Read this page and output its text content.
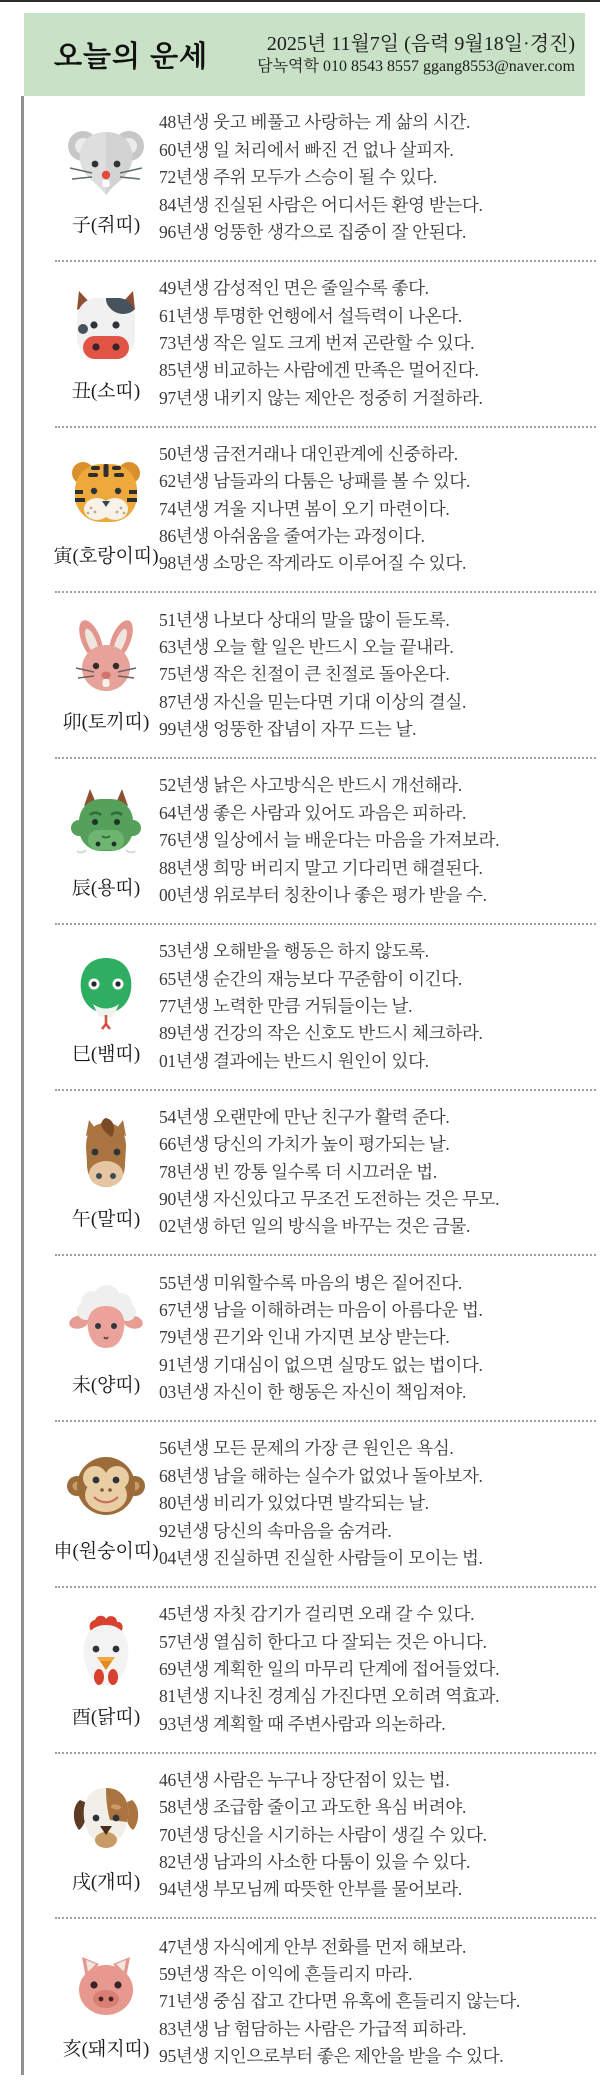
오늘의 운세	2025년 11월7일 (음력 9월18일·경진)
담녹역학 010 8543 8557 ggang8553@naver.com
子(쥐띠)

48년생 웃고 베풀고 사랑하는 게 삶의 시간.

60년생 일 처리에서 빠진 건 없나 살피자.

72년생 주위 모두가 스승이 될 수 있다.

84년생 진실된 사람은 어디서든 환영 받는다.

96년생 엉뚱한 생각으로 집중이 잘 안된다.

丑(소띠)

49년생 감성적인 면은 줄일수록 좋다.

61년생 투명한 언행에서 설득력이 나온다.

73년생 작은 일도 크게 번져 곤란할 수 있다.

85년생 비교하는 사람에겐 만족은 멀어진다.

97년생 내키지 않는 제안은 정중히 거절하라.

寅(호랑이띠)

50년생 금전거래나 대인관계에 신중하라.

62년생 남들과의 다툼은 낭패를 볼 수 있다.

74년생 겨울 지나면 봄이 오기 마련이다.

86년생 아쉬움을 줄여가는 과정이다.

98년생 소망은 작게라도 이루어질 수 있다.

卯(토끼띠)

51년생 나보다 상대의 말을 많이 듣도록.

63년생 오늘 할 일은 반드시 오늘 끝내라.

75년생 작은 친절이 큰 친절로 돌아온다.

87년생 자신을 믿는다면 기대 이상의 결실.

99년생 엉뚱한 잡념이 자꾸 드는 날.

辰(용띠)

52년생 낡은 사고방식은 반드시 개선해라.

64년생 좋은 사람과 있어도 과음은 피하라.

76년생 일상에서 늘 배운다는 마음을 가져보라.

88년생 희망 버리지 말고 기다리면 해결된다.

00년생 위로부터 칭찬이나 좋은 평가 받을 수.

巳(뱀띠)

53년생 오해받을 행동은 하지 않도록.

65년생 순간의 재능보다 꾸준함이 이긴다.

77년생 노력한 만큼 거둬들이는 날.

89년생 건강의 작은 신호도 반드시 체크하라.

01년생 결과에는 반드시 원인이 있다.

午(말띠)

54년생 오랜만에 만난 친구가 활력 준다.

66년생 당신의 가치가 높이 평가되는 날.

78년생 빈 깡통 일수록 더 시끄러운 법.

90년생 자신있다고 무조건 도전하는 것은 무모.

02년생 하던 일의 방식을 바꾸는 것은 금물.

未(양띠)

55년생 미워할수록 마음의 병은 짙어진다.

67년생 남을 이해하려는 마음이 아름다운 법.

79년생 끈기와 인내 가지면 보상 받는다.

91년생 기대심이 없으면 실망도 없는 법이다.

03년생 자신이 한 행동은 자신이 책임져야.

申(원숭이띠)

56년생 모든 문제의 가장 큰 원인은 욕심.

68년생 남을 해하는 실수가 없었나 돌아보자.

80년생 비리가 있었다면 발각되는 날.

92년생 당신의 속마음을 숨겨라.

04년생 진실하면 진실한 사람들이 모이는 법.

酉(닭띠)

45년생 자칫 감기가 걸리면 오래 갈 수 있다.

57년생 열심히 한다고 다 잘되는 것은 아니다.

69년생 계획한 일의 마무리 단계에 접어들었다.

81년생 지나친 경계심 가진다면 오히려 역효과.

93년생 계획할 때 주변사람과 의논하라.

戌(개띠)

46년생 사람은 누구나 장단점이 있는 법.

58년생 조급함 줄이고 과도한 욕심 버려야.

70년생 당신을 시기하는 사람이 생길 수 있다.

82년생 남과의 사소한 다툼이 있을 수 있다.

94년생 부모님께 따뜻한 안부를 물어보라.

亥(돼지띠)

47년생 자식에게 안부 전화를 먼저 해보라.

59년생 작은 이익에 흔들리지 마라.

71년생 중심 잡고 간다면 유혹에 흔들리지 않는다.

83년생 남 험담하는 사람은 가급적 피하라.

95년생 지인으로부터 좋은 제안을 받을 수 있다.
